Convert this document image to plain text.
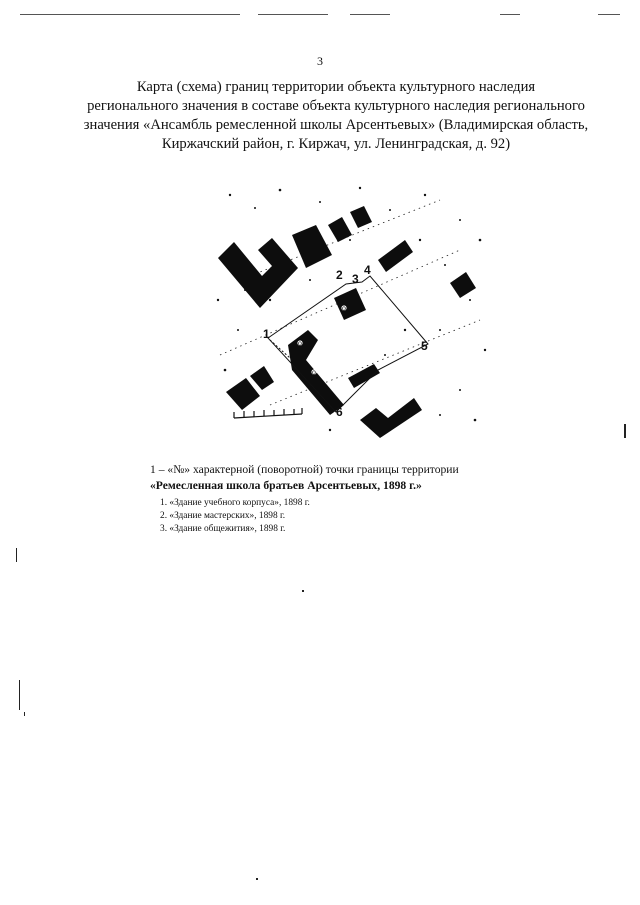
3
Карта (схема) границ территории объекта культурного наследия
регионального значения в составе объекта культурного наследия регионального
значения «Ансамбль ремесленной школы Арсентьевых» (Владимирская область,
Киржачский район, г. Киржач, ул. Ленинградская, д. 92)
1
2 3
4
5
6
o
o
o
1 – «№» характерной (поворотной) точки границы территории
«Ремесленная школа братьев Арсентьевых, 1898 г.»
1. «Здание учебного корпуса», 1898 г.
2. «Здание мастерских», 1898 г.
3. «Здание общежития», 1898 г.
